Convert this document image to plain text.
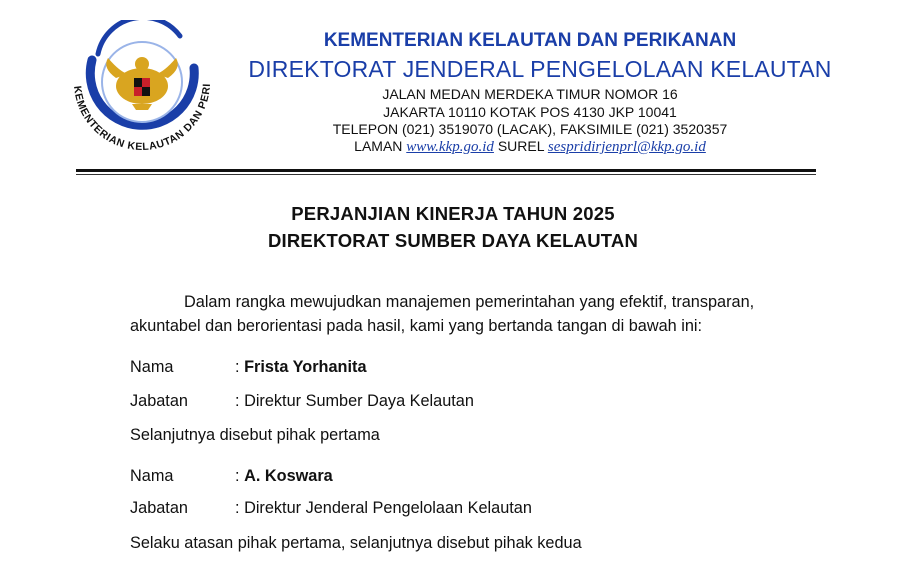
KEMENTERIAN KELAUTAN DAN PERI
KEMENTERIAN KELAUTAN DAN PERIKANAN
DIREKTORAT JENDERAL PENGELOLAAN KELAUTAN
JALAN MEDAN MERDEKA TIMUR NOMOR 16
JAKARTA 10110 KOTAK POS 4130 JKP 10041
TELEPON (021) 3519070 (LACAK), FAKSIMILE (021) 3520357
LAMAN www.kkp.go.id SUREL sespridirjenprl@kkp.go.id
PERJANJIAN KINERJA TAHUN 2025
DIREKTORAT SUMBER DAYA KELAUTAN
Dalam rangka mewujudkan manajemen pemerintahan yang efektif, transparan,
akuntabel dan berorientasi pada hasil, kami yang bertanda tangan di bawah ini:
Nama	: Frista Yorhanita
Jabatan	: Direktur Sumber Daya Kelautan
Selanjutnya disebut pihak pertama
Nama	: A. Koswara
Jabatan	: Direktur Jenderal Pengelolaan Kelautan
Selaku atasan pihak pertama, selanjutnya disebut pihak kedua
